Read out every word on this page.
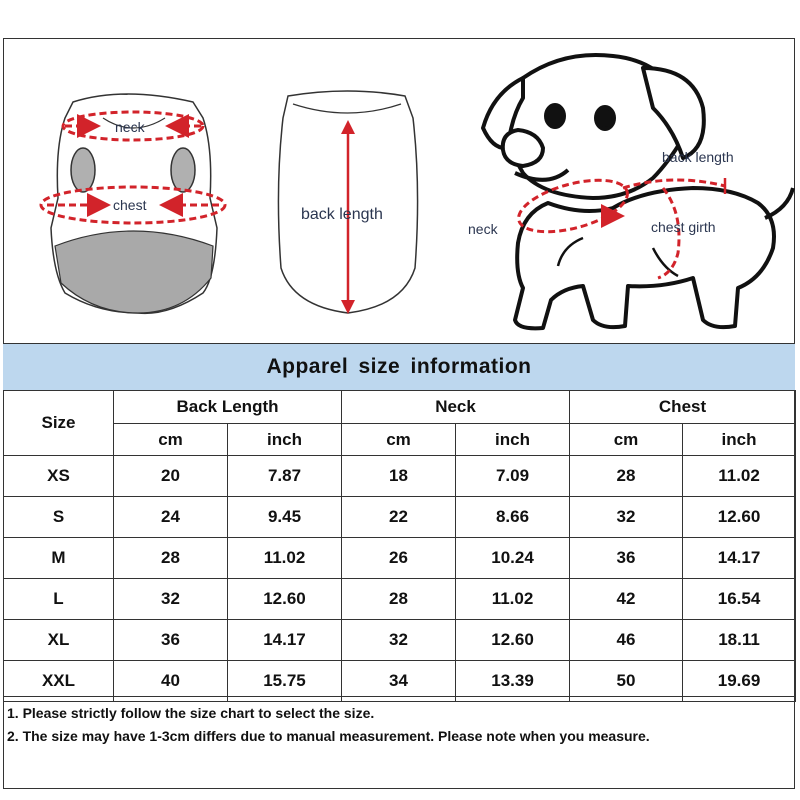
neck
chest
back length
back length
neck	chest girth
Apparel size information
Size	Back Length		Neck		Chest	
	cm	inch	cm	inch	cm	inch
XS	20	7.87	18	7.09	28	11.02
S	24	9.45	22	8.66	32	12.60
M	28	11.02	26	10.24	36	14.17
L	32	12.60	28	11.02	42	16.54
XL	36	14.17	32	12.60	46	18.11
XXL	40	15.75	34	13.39	50	19.69
1. Please strictly follow the size chart to select the size.
2. The size may have 1-3cm differs due to manual measurement. Please note when you measure.
